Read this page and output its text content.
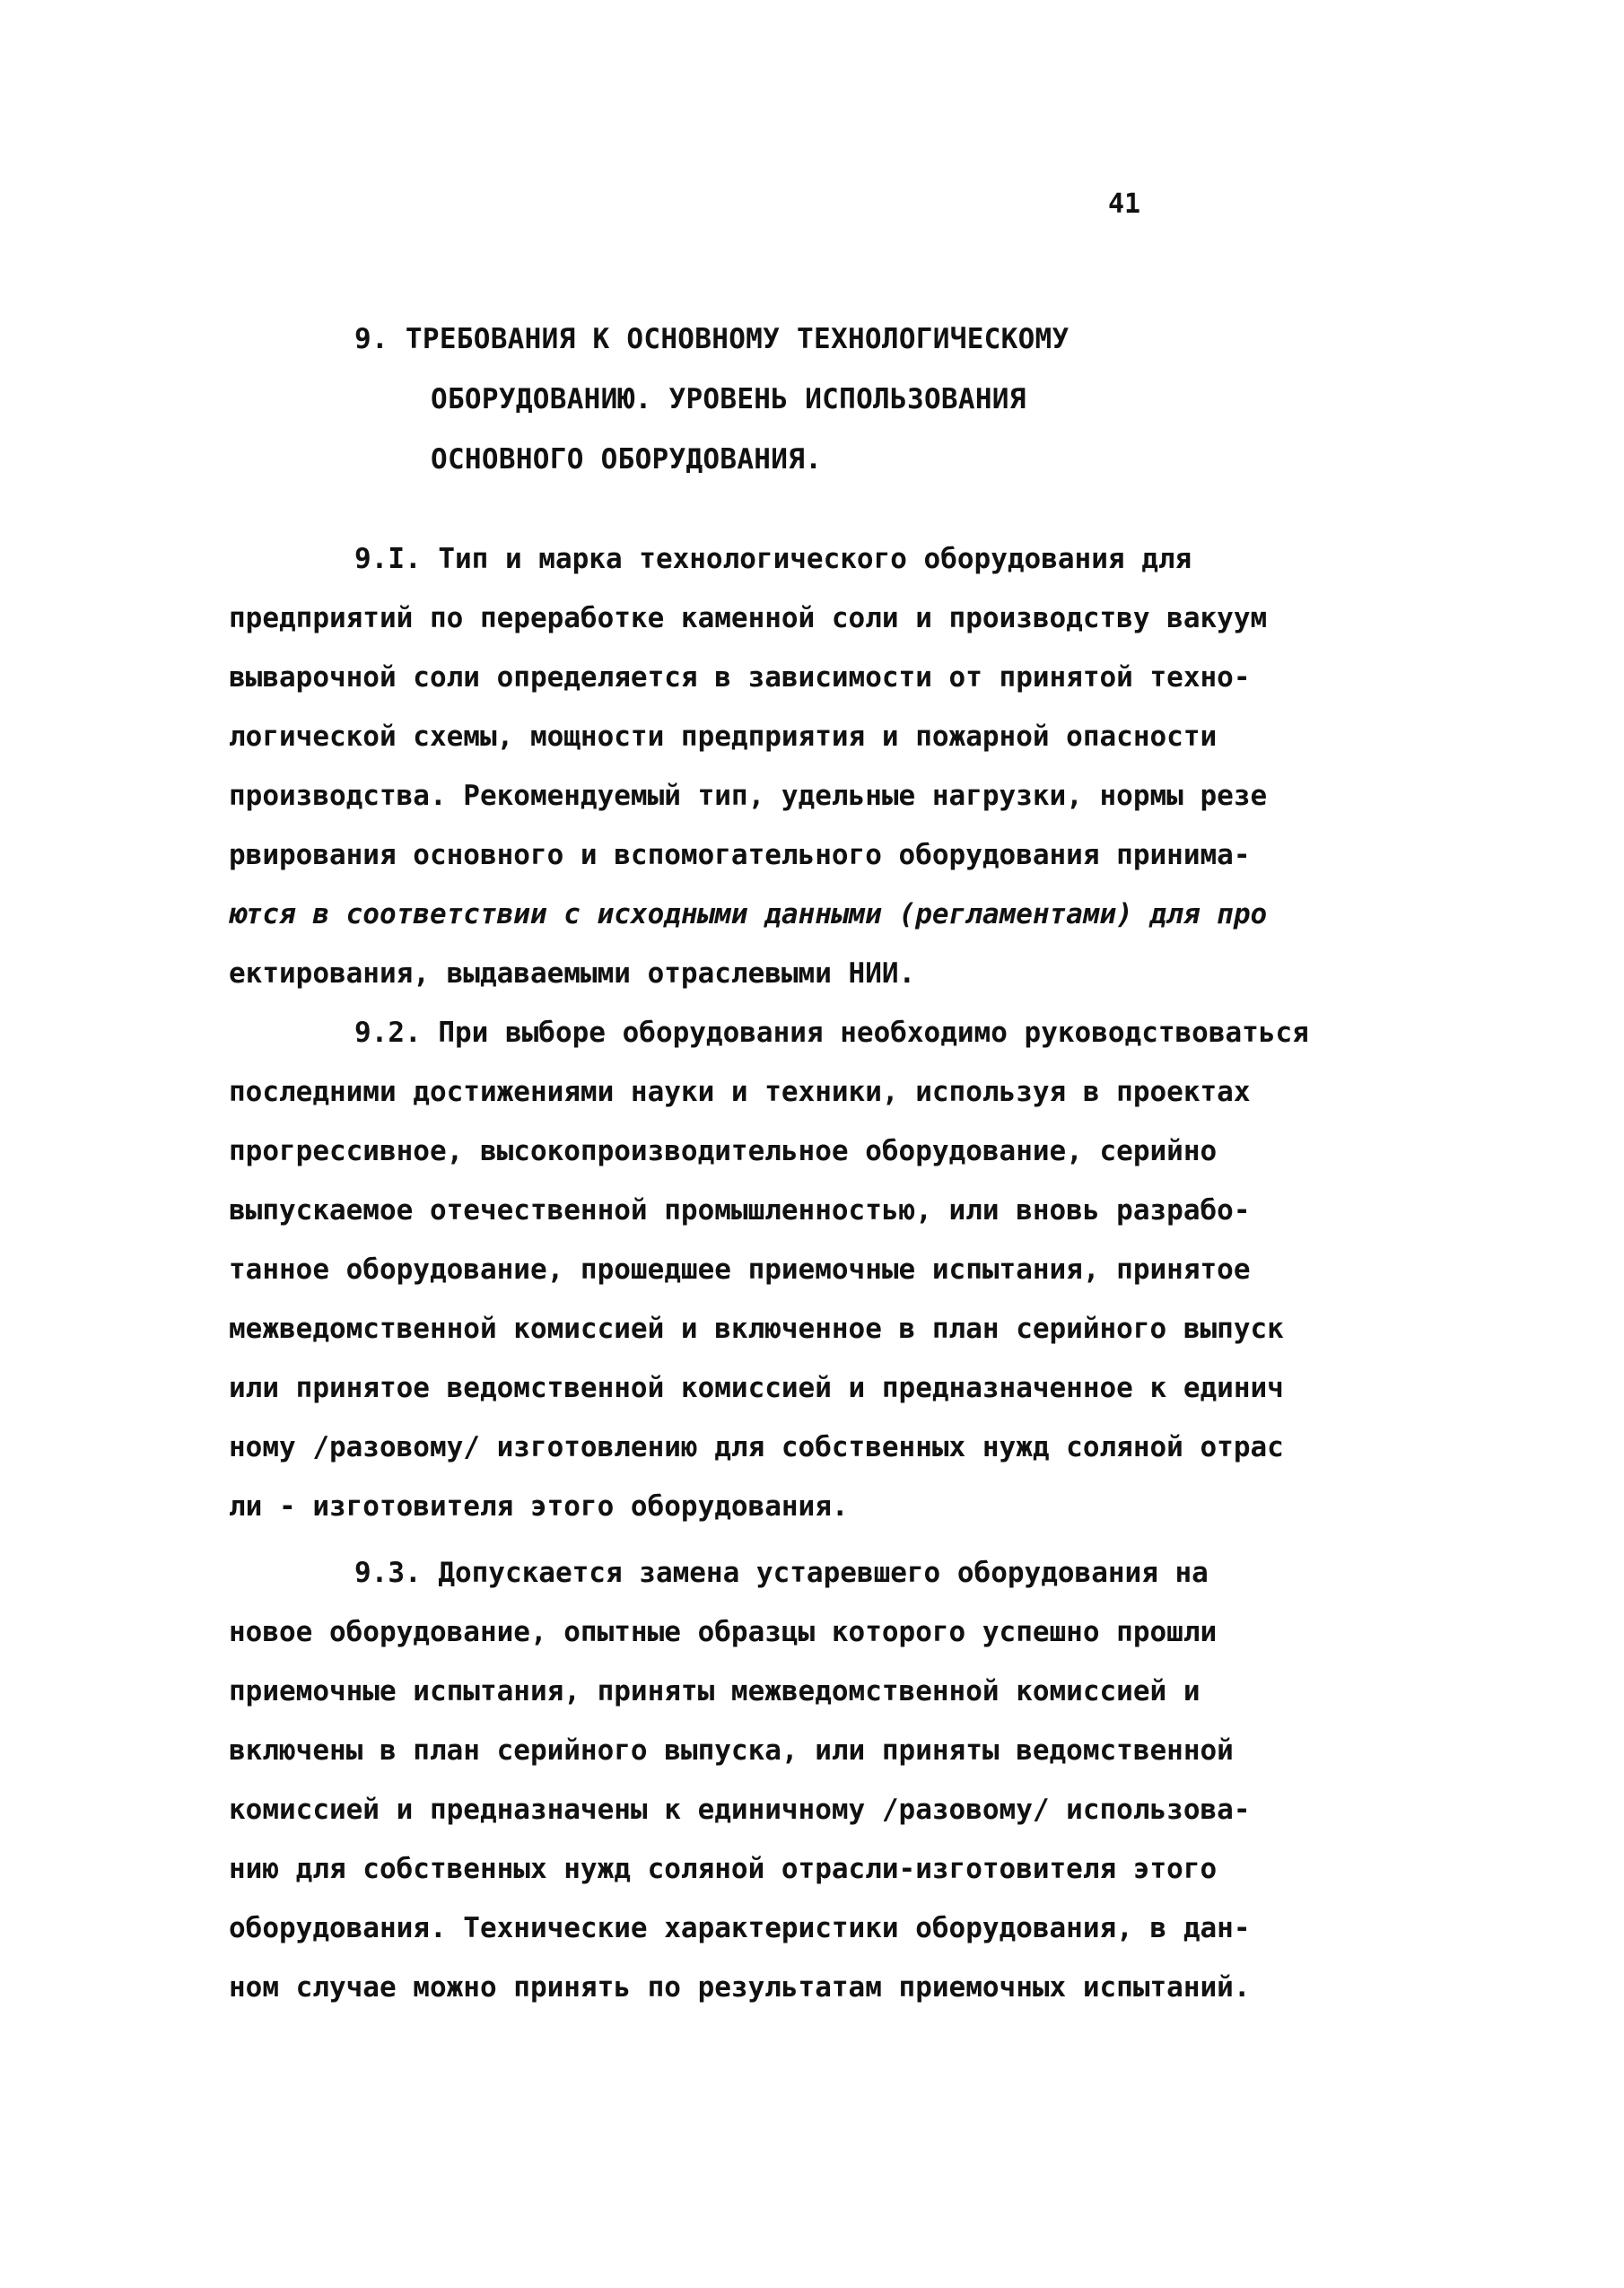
41
9. ТРЕБОВАНИЯ К ОСНОВНОМУ ТЕХНОЛОГИЧЕСКОМУ
ОБОРУДОВАНИЮ. УРОВЕНЬ ИСПОЛЬЗОВАНИЯ
ОСНОВНОГО ОБОРУДОВАНИЯ.
9.I. Тип и марка технологического оборудования для
предприятий по переработке каменной соли и производству вакуум
выварочной соли определяется в зависимости от принятой техно-
логической схемы, мощности предприятия и пожарной опасности
производства. Рекомендуемый тип, удельные нагрузки, нормы резе
рвирования основного и вспомогательного оборудования принима-
ются в соответствии с исходными данными (регламентами) для про
ектирования, выдаваемыми отраслевыми НИИ.
9.2. При выборе оборудования необходимо руководствоваться
последними достижениями науки и техники, используя в проектах
прогрессивное, высокопроизводительное оборудование, серийно
выпускаемое отечественной промышленностью, или вновь разрабо-
танное оборудование, прошедшее приемочные испытания, принятое
межведомственной комиссией и включенное в план серийного выпуск
или принятое ведомственной комиссией и предназначенное к единич
ному /разовому/ изготовлению для собственных нужд соляной отрас
ли - изготовителя этого оборудования.
9.3. Допускается замена устаревшего оборудования на
новое оборудование, опытные образцы которого успешно прошли
приемочные испытания, приняты межведомственной комиссией и
включены в план серийного выпуска, или приняты ведомственной
комиссией и предназначены к единичному /разовому/ использова-
нию для собственных нужд соляной отрасли-изготовителя этого
оборудования. Технические характеристики оборудования, в дан-
ном случае можно принять по результатам приемочных испытаний.
